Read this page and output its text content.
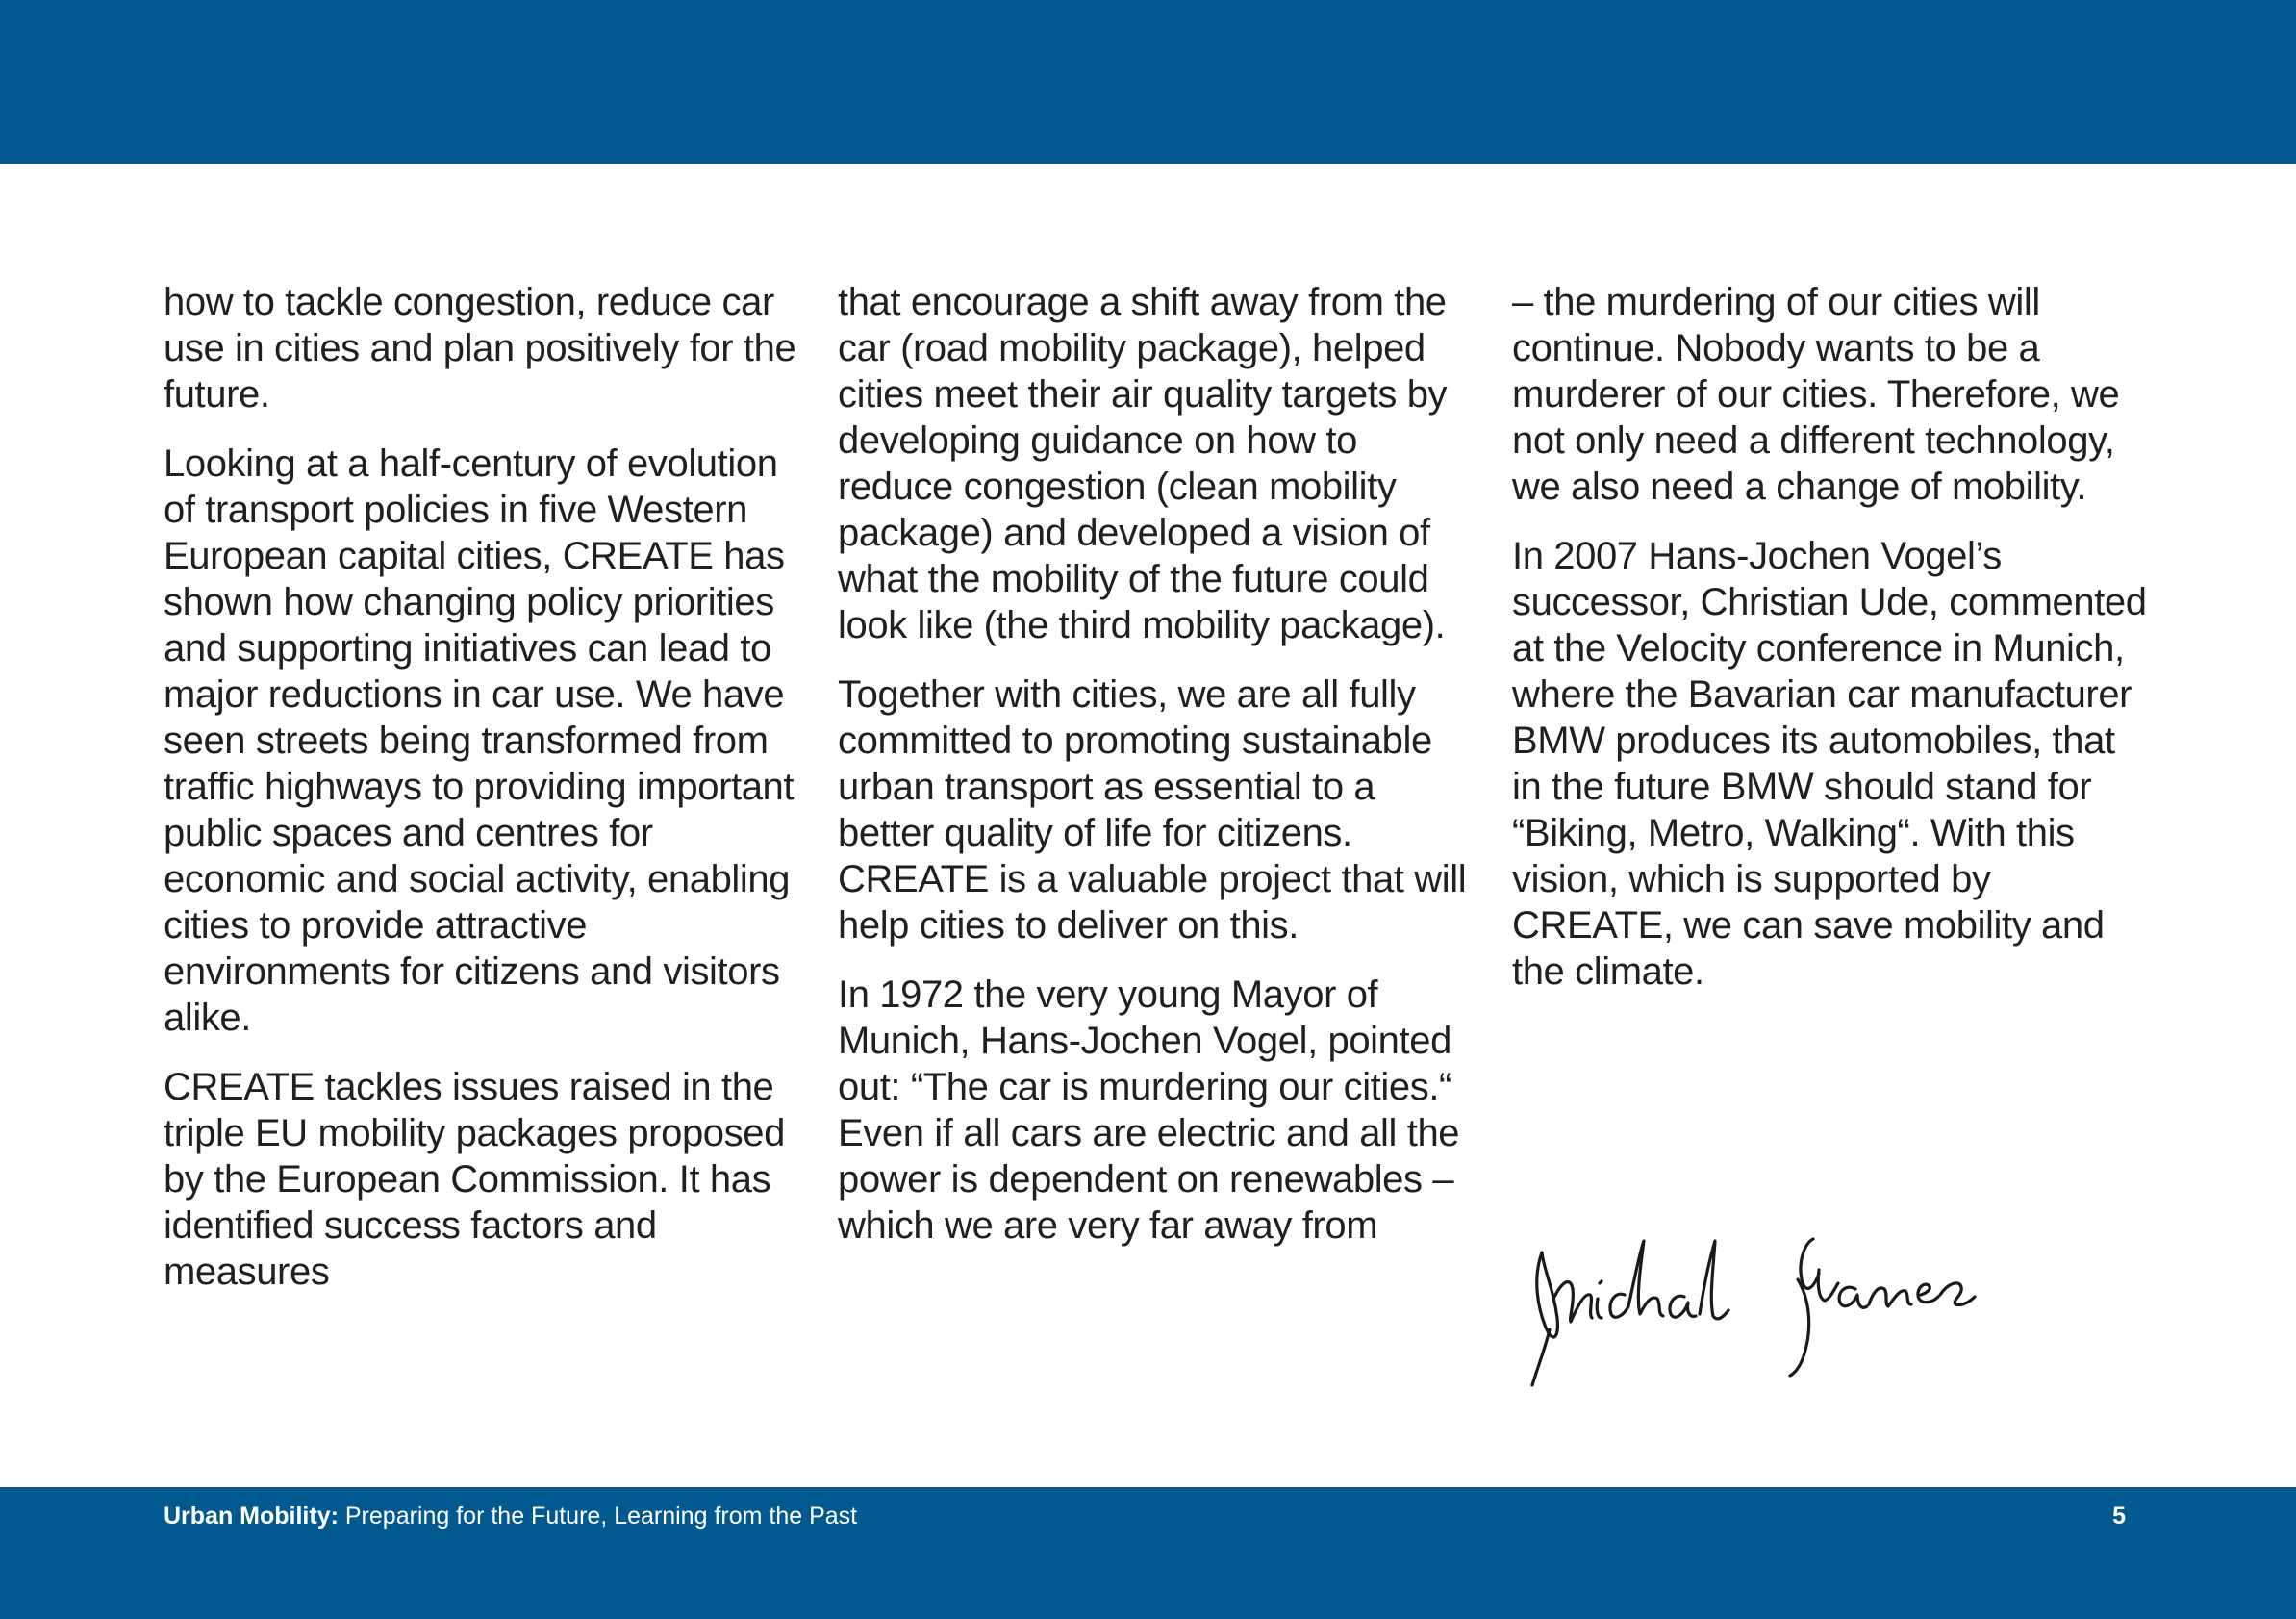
how to tackle congestion, reduce car use in cities and plan positively for the future.

Looking at a half-century of evolution of transport policies in five Western European capital cities, CREATE has shown how changing policy priorities and supporting initiatives can lead to major reductions in car use. We have seen streets being transformed from traffic highways to providing important public spaces and centres for economic and social activity, enabling cities to provide attractive environments for citizens and visitors alike.

CREATE tackles issues raised in the triple EU mobility packages proposed by the European Commission. It has identified success factors and measures

that encourage a shift away from the car (road mobility package), helped cities meet their air quality targets by developing guidance on how to reduce congestion (clean mobility package) and developed a vision of what the mobility of the future could look like (the third mobility package).

Together with cities, we are all fully committed to promoting sustainable urban transport as essential to a better quality of life for citizens. CREATE is a valuable project that will help cities to deliver on this.

In 1972 the very young Mayor of Munich, Hans-Jochen Vogel, pointed out: “The car is murdering our cities.“ Even if all cars are electric and all the power is dependent on renewables – which we are very far away from

– the murdering of our cities will continue. Nobody wants to be a murderer of our cities. Therefore, we not only need a different technology, we also need a change of mobility.

In 2007 Hans-Jochen Vogel’s successor, Christian Ude, commented at the Velocity conference in Munich, where the Bavarian car manufacturer BMW produces its automobiles, that in the future BMW should stand for “Biking, Metro, Walking“. With this vision, which is supported by CREATE, we can save mobility and the climate.

Urban Mobility: Preparing for the Future, Learning from the Past	5
